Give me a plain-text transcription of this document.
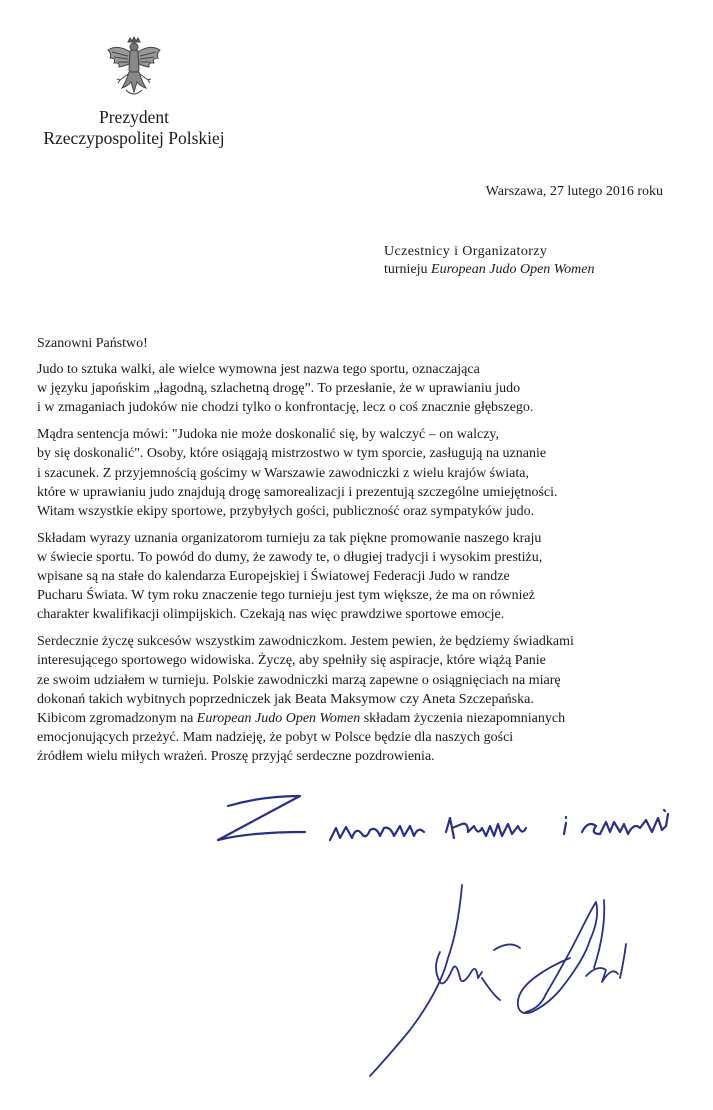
Prezydent
Rzeczypospolitej Polskiej
Warszawa, 27 lutego 2016 roku
Uczestnicy i Organizatorzy
turnieju European Judo Open Women
Szanowni Państwo!

Judo to sztuka walki, ale wielce wymowna jest nazwa tego sportu, oznaczająca
w języku japońskim „łagodną, szlachetną drogę”. To przesłanie, że w uprawianiu judo
i w zmaganiach judoków nie chodzi tylko o konfrontację, lecz o coś znacznie głębszego.

Mądra sentencja mówi: "Judoka nie może doskonalić się, by walczyć – on walczy,
by się doskonalić". Osoby, które osiągają mistrzostwo w tym sporcie, zasługują na uznanie
i szacunek. Z przyjemnością gościmy w Warszawie zawodniczki z wielu krajów świata,
które w uprawianiu judo znajdują drogę samorealizacji i prezentują szczególne umiejętności.
Witam wszystkie ekipy sportowe, przybyłych gości, publiczność oraz sympatyków judo.

Składam wyrazy uznania organizatorom turnieju za tak piękne promowanie naszego kraju
w świecie sportu. To powód do dumy, że zawody te, o długiej tradycji i wysokim prestiżu,
wpisane są na stałe do kalendarza Europejskiej i Światowej Federacji Judo w randze
Pucharu Świata. W tym roku znaczenie tego turnieju jest tym większe, że ma on również
charakter kwalifikacji olimpijskich. Czekają nas więc prawdziwe sportowe emocje.

Serdecznie życzę sukcesów wszystkim zawodniczkom. Jestem pewien, że będziemy świadkami
interesującego sportowego widowiska. Życzę, aby spełniły się aspiracje, które wiążą Panie
ze swoim udziałem w turnieju. Polskie zawodniczki marzą zapewne o osiągnięciach na miarę
dokonań takich wybitnych poprzedniczek jak Beata Maksymow czy Aneta Szczepańska.
Kibicom zgromadzonym na European Judo Open Women składam życzenia niezapomnianych
emocjonujących przeżyć. Mam nadzieję, że pobyt w Polsce będzie dla naszych gości
źródłem wielu miłych wrażeń. Proszę przyjąć serdeczne pozdrowienia.
